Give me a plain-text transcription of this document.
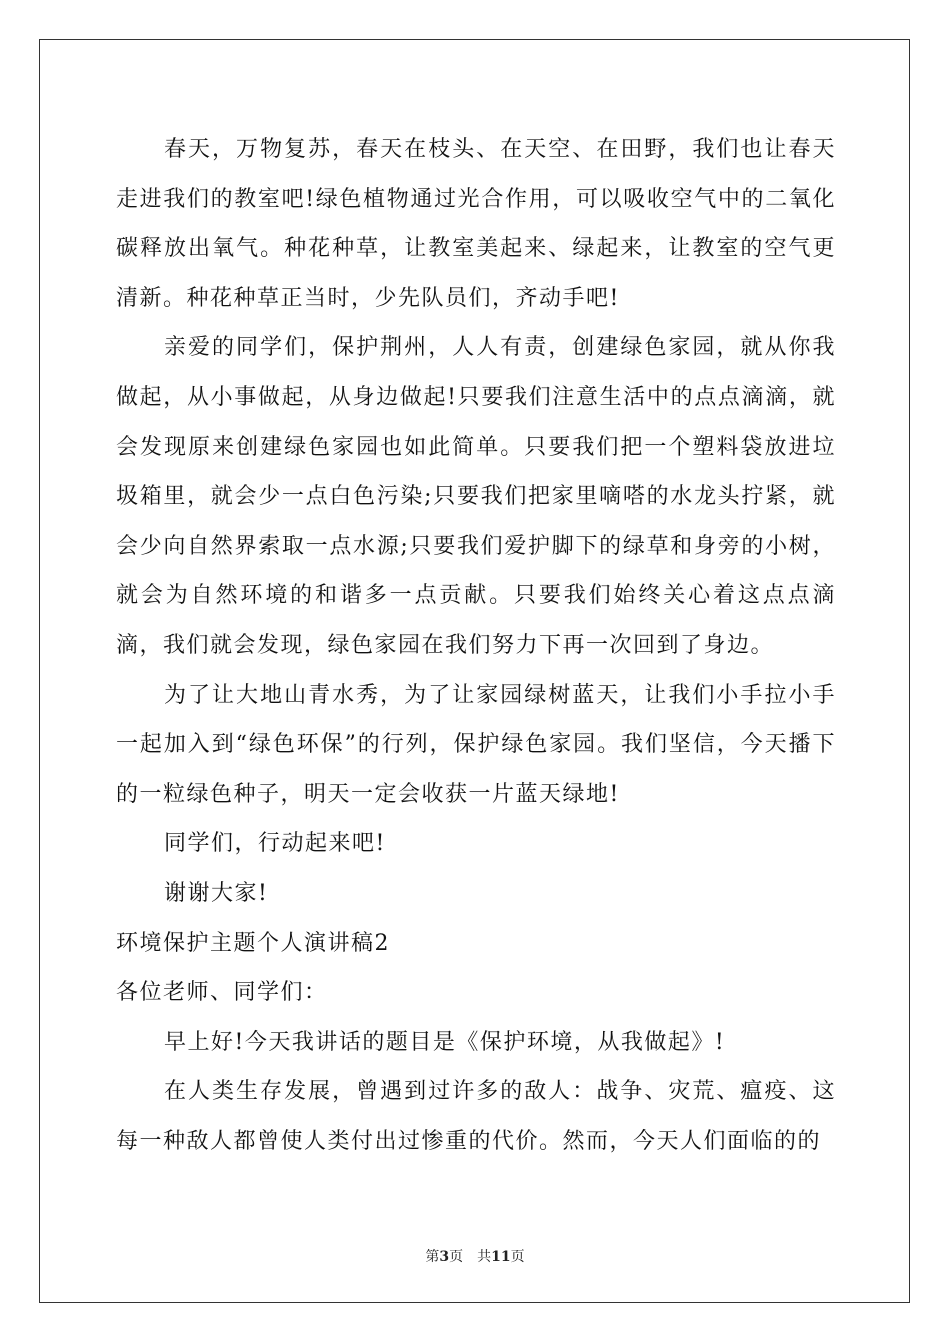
春天，万物复苏，春天在枝头、在天空、在田野，我们也让春天走进我们的教室吧!绿色植物通过光合作用，可以吸收空气中的二氧化碳释放出氧气。种花种草，让教室美起来、绿起来，让教室的空气更清新。种花种草正当时，少先队员们，齐动手吧!

亲爱的同学们，保护荆州，人人有责，创建绿色家园，就从你我做起，从小事做起，从身边做起!只要我们注意生活中的点点滴滴，就会发现原来创建绿色家园也如此简单。只要我们把一个塑料袋放进垃圾箱里，就会少一点白色污染;只要我们把家里嘀嗒的水龙头拧紧，就会少向自然界索取一点水源;只要我们爱护脚下的绿草和身旁的小树，就会为自然环境的和谐多一点贡献。只要我们始终关心着这点点滴滴，我们就会发现，绿色家园在我们努力下再一次回到了身边。

为了让大地山青水秀，为了让家园绿树蓝天，让我们小手拉小手一起加入到“绿色环保”的行列，保护绿色家园。我们坚信，今天播下的一粒绿色种子，明天一定会收获一片蓝天绿地!

同学们，行动起来吧!

谢谢大家!

环境保护主题个人演讲稿2

各位老师、同学们：

早上好!今天我讲话的题目是《保护环境，从我做起》!

在人类生存发展，曾遇到过许多的敌人：战争、灾荒、瘟疫、这每一种敌人都曾使人类付出过惨重的代价。然而，今天人们面临的的

第3页 共11页
